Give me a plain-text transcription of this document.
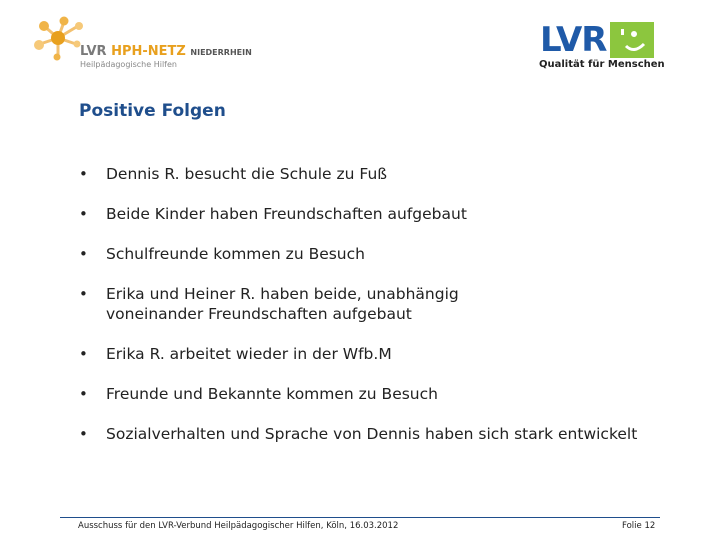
LVR HPH-NETZ NIEDERRHEIN
Heilpädagogische Hilfen
LVR
Qualität für Menschen
Positive Folgen
• Dennis R. besucht die Schule zu Fuß
• Beide Kinder haben Freundschaften aufgebaut
• Schulfreunde kommen zu Besuch
• Erika und Heiner R. haben beide, unabhängig
voneinander Freundschaften aufgebaut
• Erika R. arbeitet wieder in der Wfb.M
• Freunde und Bekannte kommen zu Besuch
• Sozialverhalten und Sprache von Dennis haben sich stark entwickelt
Ausschuss für den LVR-Verbund Heilpädagogischer Hilfen, Köln, 16.03.2012	Folie 12
